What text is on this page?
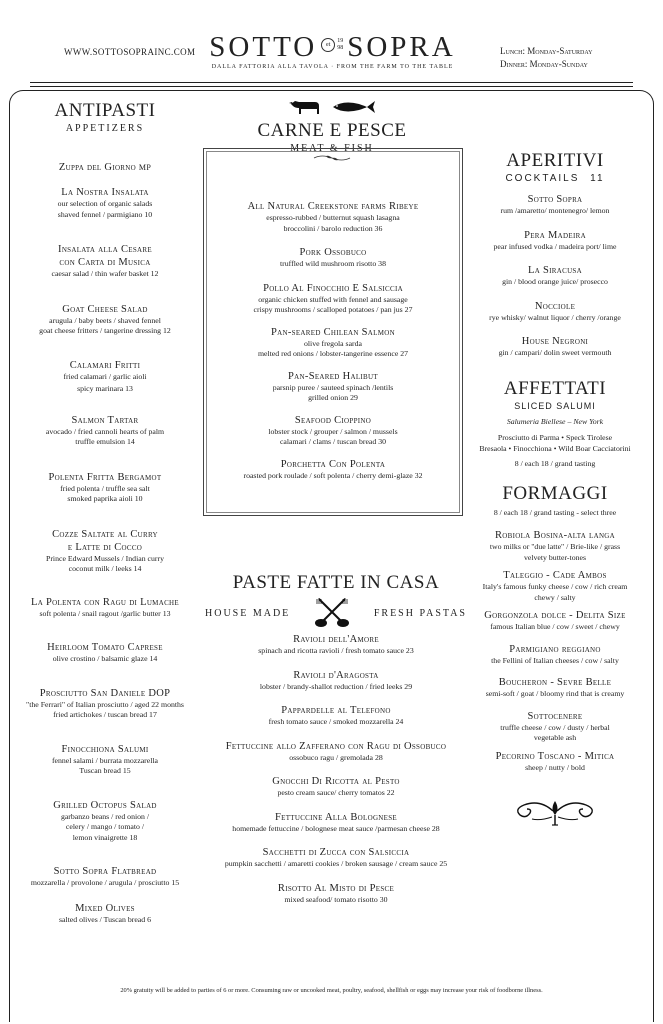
WWW.SOTTOSOPRAINC.COM SOTTO	et
19
98 SOPRA
DALLA FATTORIA ALLA TAVOLA · FROM THE FARM TO THE TABLE
Lunch: Monday-Saturday
Dinner: Monday-Sunday
ANTIPASTI
APPETIZERS
Zuppa del Giorno MP
La Nostra Insalata
our selection of organic salads
shaved fennel / parmigiano 10
Insalata alla Cesare
con Carta di Musica
caesar salad / thin wafer basket 12
Goat Cheese Salad
arugula / baby beets / shaved fennel
goat cheese fritters / tangerine dressing 12
Calamari Fritti
fried calamari / garlic aioli
spicy marinara 13
Salmon Tartar
avocado / fried cannoli hearts of palm
truffle emulsion 14
Polenta Fritta Bergamot
fried polenta / truffle sea salt
smoked paprika aioli 10
Cozze Saltate al Curry
e Latte di Cocco
Prince Edward Mussels / Indian curry
coconut milk / leeks 14
La Polenta con Ragu di Lumache
soft polenta / snail ragout /garlic butter 13
Heirloom Tomato Caprese
olive crostino / balsamic glaze 14
Prosciutto San Daniele DOP
"the Ferrari" of Italian prosciutto / aged 22 months
fried artichokes / tuscan bread 17
Finocchiona Salumi
fennel salami / burrata mozzarella
Tuscan bread 15
Grilled Octopus Salad
garbanzo beans / red onion /
celery / mango / tomato /
lemon vinaigrette 18
Sotto Sopra Flatbread
mozzarella / provolone / arugula / prosciutto 15
Mixed Olives
salted olives / Tuscan bread 6
CARNE E PESCE
MEAT & FISH
All Natural Creekstone farms Ribeye
espresso-rubbed / butternut squash lasagna
broccolini / barolo reduction 36
Pork Ossobuco
truffled wild mushroom risotto 38
Pollo Al Finocchio E Salsiccia
organic chicken stuffed with fennel and sausage
crispy mushrooms / scalloped potatoes / pan jus 27
Pan-seared Chilean Salmon
olive fregola sarda
melted red onions / lobster-tangerine essence 27
Pan-Seared Halibut
parsnip puree / sauteed spinach /lentils
grilled onion 29
Seafood Cioppino
lobster stock / grouper / salmon / mussels
calamari / clams / tuscan bread 30
Porchetta Con Polenta
roasted pork roulade / soft polenta / cherry demi-glaze 32
PASTE FATTE IN CASA
HOUSE MADE	FRESH PASTAS
Ravioli dell'Amore
spinach and ricotta ravioli / fresh tomato sauce 23
Ravioli d'Aragosta
lobster / brandy-shallot reduction / fried leeks 29
Pappardelle al Telefono
fresh tomato sauce / smoked mozzarella 24
Fettuccine allo Zafferano con Ragu di Ossobuco
ossobuco ragu / gremolada 28
Gnocchi Di Ricotta al Pesto
pesto cream sauce/ cherry tomatos 22
Fettuccine Alla Bolognese
homemade fettuccine / bolognese meat sauce /parmesan cheese 28
Sacchetti di Zucca con Salsiccia
pumpkin sacchetti / amaretti cookies / broken sausage / cream sauce 25
Risotto Al Misto di Pesce
mixed seafood/ tomato risotto 30
APERITIVI
COCKTAILS 11
Sotto Sopra
rum /amaretto/ montenegro/ lemon
Pera Madeira
pear infused vodka / madeira port/ lime
La Siracusa
gin / blood orange juice/ prosecco
Nocciole
rye whisky/ walnut liquor / cherry /orange
House Negroni
gin / campari/ dolin sweet vermouth
AFFETTATI
SLICED SALUMI
Salumeria Biellese – New York
Prosciutto di Parma • Speck Tirolese
Bresaola • Finocchiona • Wild Boar Cacciatorini
8 / each 18 / grand tasting
FORMAGGI
8 / each 18 / grand tasting - select three
Robiola Bosina-alta langa
two milks or "due latte" / Brie-like / grass
velvety butter-tones
Taleggio - Cade Ambos
Italy's famous funky cheese / cow / rich cream
chewy / salty
Gorgonzola dolce - Delita Size
famous Italian blue / cow / sweet / chewy
Parmigiano reggiano
the Fellini of Italian cheeses / cow / salty
Boucheron - Sevre Belle
semi-soft / goat / bloomy rind that is creamy
Sottocenere
truffle cheese / cow / dusty / herbal
vegetable ash
Pecorino Toscano - Mitica
sheep / nutty / bold
20% gratuity will be added to parties of 6 or more. Consuming raw or uncooked meat, poultry, seafood, shellfish or eggs may increase your risk of foodborne illness.
